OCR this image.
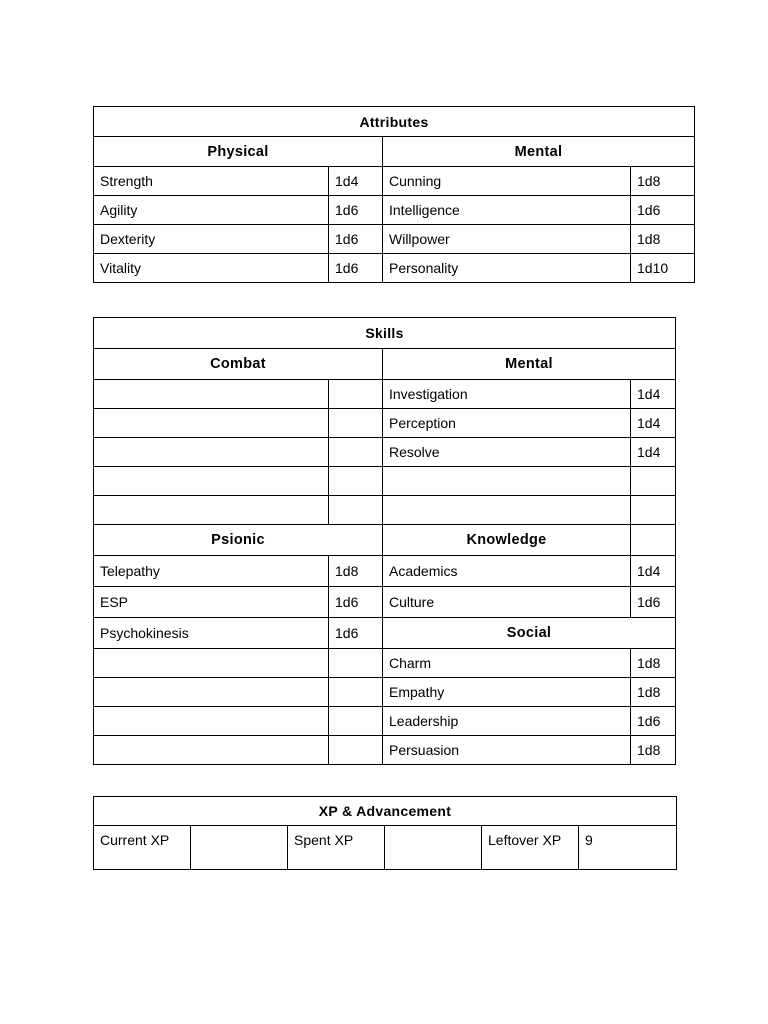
Attributes			
Physical		Mental	
Strength	1d4	Cunning	1d8
Agility	1d6	Intelligence	1d6
Dexterity	1d6	Willpower	1d8
Vitality	1d6	Personality	1d10
Skills			
Combat		Mental	
		Investigation	1d4
		Perception	1d4
		Resolve	1d4

Psionic		Knowledge	
Telepathy	1d8	Academics	1d4
ESP	1d6	Culture	1d6
Psychokinesis	1d6	Social	
		Charm	1d8
		Empathy	1d8
		Leadership	1d6
		Persuasion	1d8
XP & Advancement
Current XP		Spent XP		Leftover XP	9
